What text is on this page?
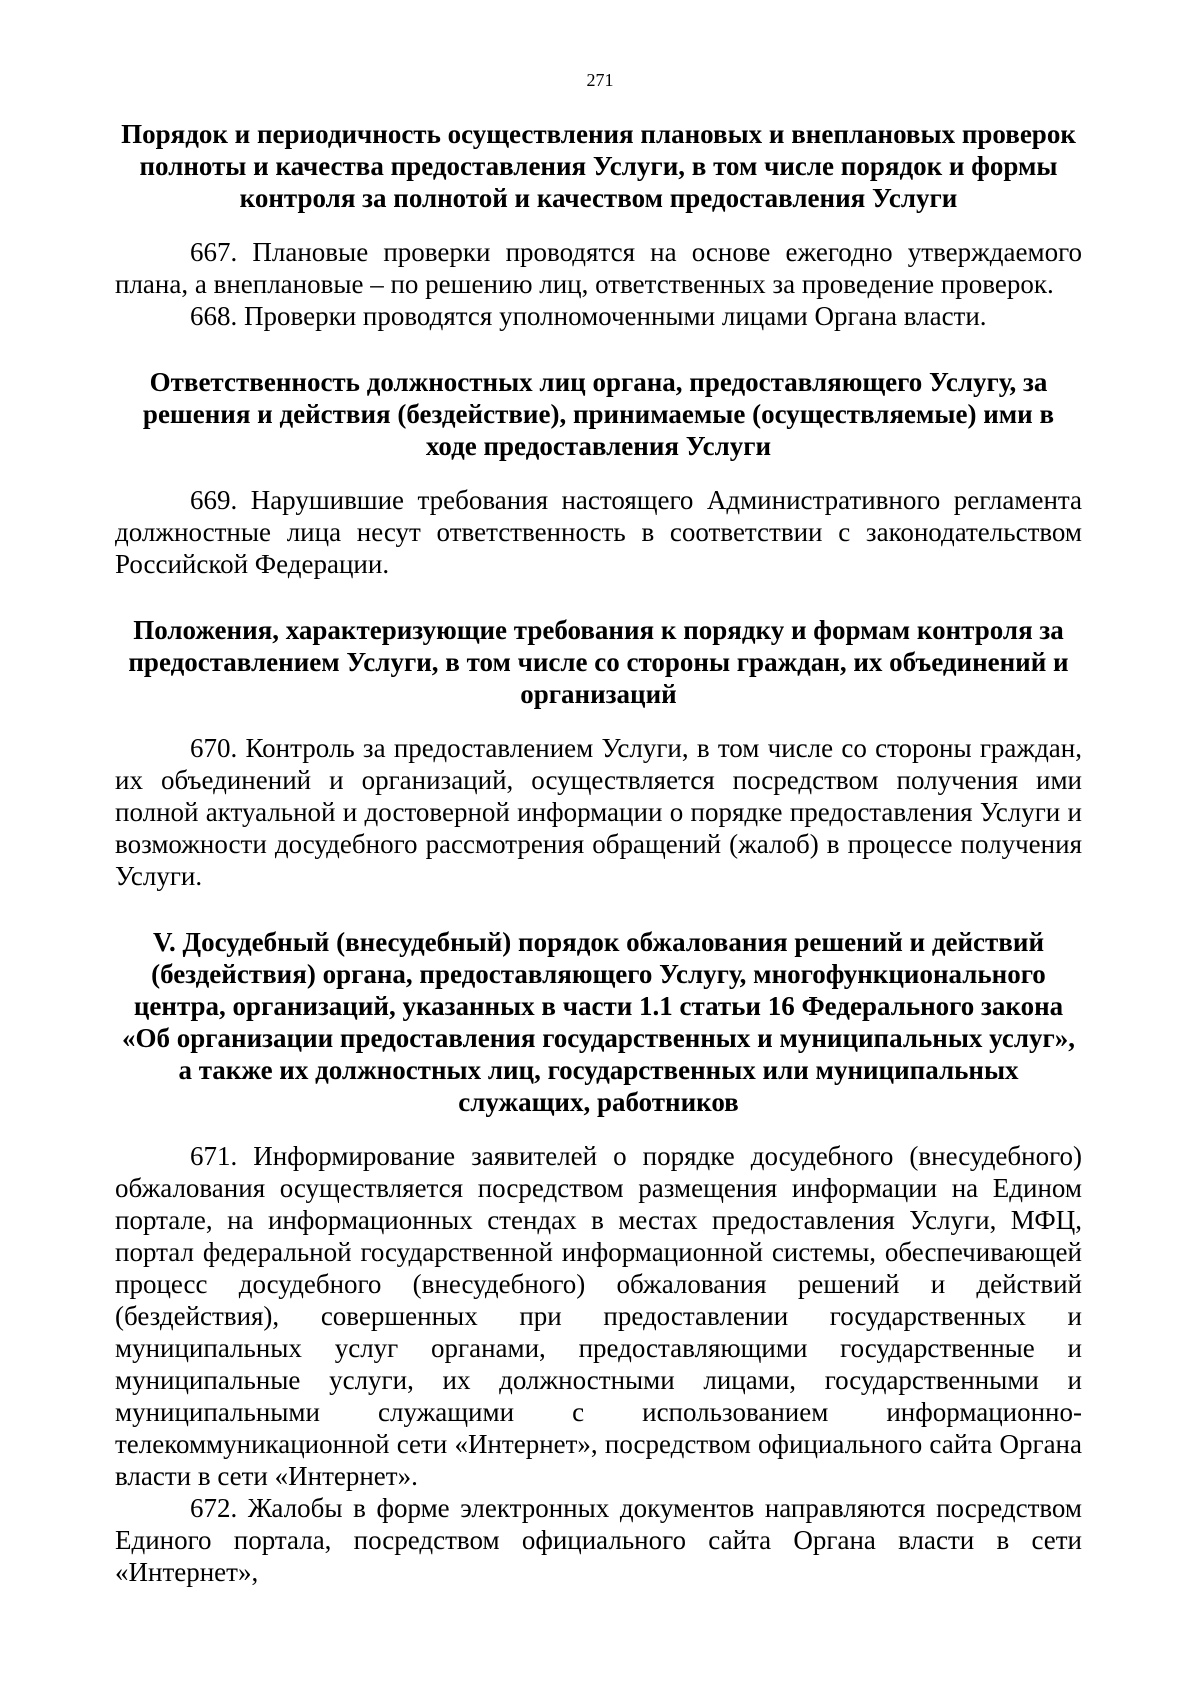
271
Порядок и периодичность осуществления плановых и внеплановых проверок полноты и качества предоставления Услуги, в том числе порядок и формы контроля за полнотой и качеством предоставления Услуги

667. Плановые проверки проводятся на основе ежегодно утверждаемого плана, а внеплановые – по решению лиц, ответственных за проведение проверок.

668. Проверки проводятся уполномоченными лицами Органа власти.

Ответственность должностных лиц органа, предоставляющего Услугу, за решения и действия (бездействие), принимаемые (осуществляемые) ими в ходе предоставления Услуги

669. Нарушившие требования настоящего Административного регламента должностные лица несут ответственность в соответствии с законодательством Российской Федерации.

Положения, характеризующие требования к порядку и формам контроля за предоставлением Услуги, в том числе со стороны граждан, их объединений и организаций

670. Контроль за предоставлением Услуги, в том числе со стороны граждан, их объединений и организаций, осуществляется посредством получения ими полной актуальной и достоверной информации о порядке предоставления Услуги и возможности досудебного рассмотрения обращений (жалоб) в процессе получения Услуги.

V. Досудебный (внесудебный) порядок обжалования решений и действий (бездействия) органа, предоставляющего Услугу, многофункционального центра, организаций, указанных в части 1.1 статьи 16 Федерального закона «Об организации предоставления государственных и муниципальных услуг», а также их должностных лиц, государственных или муниципальных служащих, работников

671. Информирование заявителей о порядке досудебного (внесудебного) обжалования осуществляется посредством размещения информации на Едином портале, на информационных стендах в местах предоставления Услуги, МФЦ, портал федеральной государственной информационной системы, обеспечивающей процесс досудебного (внесудебного) обжалования решений и действий (бездействия), совершенных при предоставлении государственных и муниципальных услуг органами, предоставляющими государственные и муниципальные услуги, их должностными лицами, государственными и муниципальными служащими с использованием информационно-телекоммуникационной сети «Интернет», посредством официального сайта Органа власти в сети «Интернет».

672. Жалобы в форме электронных документов направляются посредством Единого портала, посредством официального сайта Органа власти в сети «Интернет»,
